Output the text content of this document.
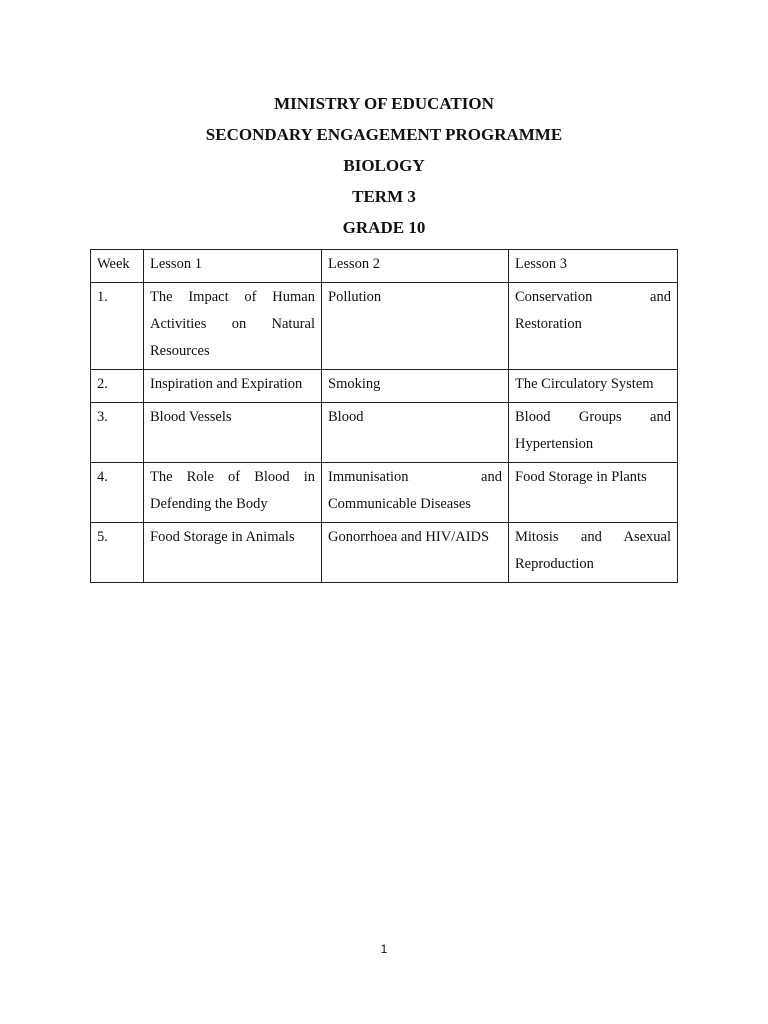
MINISTRY OF EDUCATION
SECONDARY ENGAGEMENT PROGRAMME
BIOLOGY
TERM 3
GRADE 10
Week	Lesson 1	Lesson 2	Lesson 3
1.	The Impact of Human Activities on Natural Resources	Pollution	Conservation and Restoration
2.	Inspiration and Expiration	Smoking	The Circulatory System
3.	Blood Vessels	Blood	Blood Groups and Hypertension
4.	The Role of Blood in Defending the Body	Immunisation and Communicable Diseases	Food Storage in Plants
5.	Food Storage in Animals	Gonorrhoea and HIV/AIDS	Mitosis and Asexual Reproduction
1
